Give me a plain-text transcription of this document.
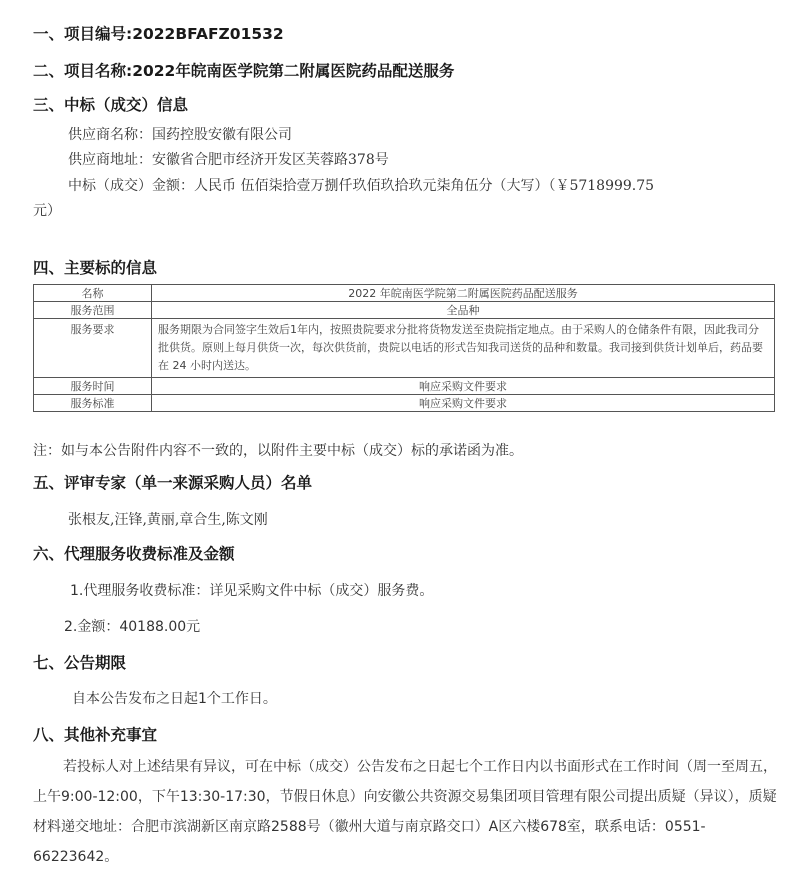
一、项目编号:2022BFAFZ01532
二、项目名称:2022年皖南医学院第二附属医院药品配送服务
三、中标（成交）信息
供应商名称：国药控股安徽有限公司
供应商地址：安徽省合肥市经济开发区芙蓉路378号
中标（成交）金额：人民币 伍佰柒拾壹万捌仟玖佰玖拾玖元柒角伍分（大写）（￥5718999.75
元）
四、主要标的信息
名称	2022 年皖南医学院第二附属医院药品配送服务
服务范围	全品种
服务要求	服务期限为合同签字生效后1年内，按照贵院要求分批将货物发送至贵院指定地点。由于采购人的仓储条件有限，因此我司分批供货。原则上每月供货一次，每次供货前，贵院以电话的形式告知我司送货的品种和数量。我司接到供货计划单后，药品要在 24 小时内送达。
服务时间	响应采购文件要求
服务标准	响应采购文件要求
注：如与本公告附件内容不一致的，以附件主要中标（成交）标的承诺函为准。
五、评审专家（单一来源采购人员）名单
张根友,汪锋,黄丽,章合生,陈文刚
六、代理服务收费标准及金额
1.代理服务收费标准：详见采购文件中标（成交）服务费。
2.金额：40188.00元
七、公告期限
自本公告发布之日起1个工作日。
八、其他补充事宜
若投标人对上述结果有异议，可在中标（成交）公告发布之日起七个工作日内以书面形式在工作时间（周一至周五，上午9:00-12:00，下午13:30-17:30，节假日休息）向安徽公共资源交易集团项目管理有限公司提出质疑（异议），质疑材料递交地址：合肥市滨湖新区南京路2588号（徽州大道与南京路交口）A区六楼678室，联系电话：0551-66223642。
